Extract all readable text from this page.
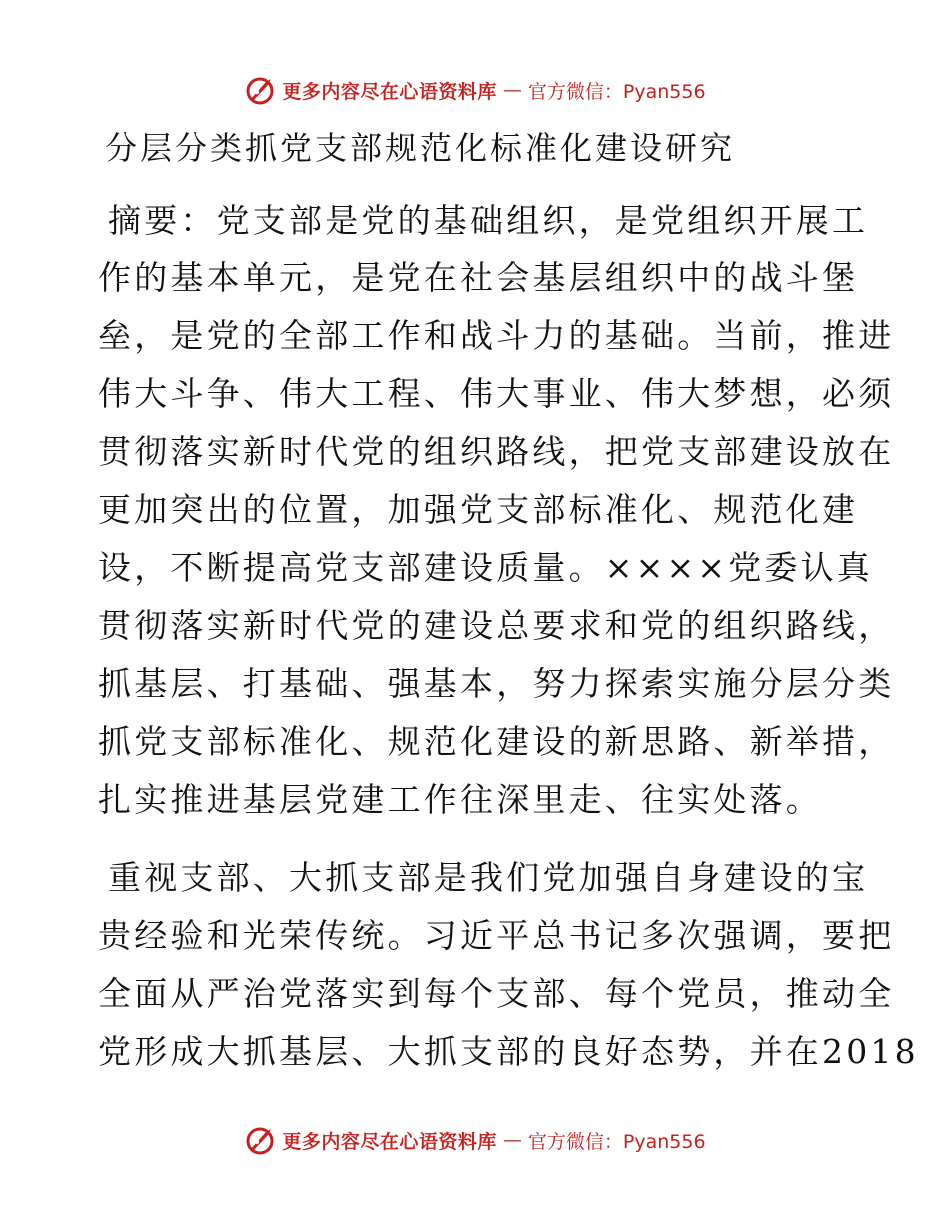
更多内容尽在心语资料库 — 官方微信：Pyan556
分层分类抓党支部规范化标准化建设研究
摘要：党支部是党的基础组织，是党组织开展工
作的基本单元，是党在社会基层组织中的战斗堡
垒，是党的全部工作和战斗力的基础。当前，推进
伟大斗争、伟大工程、伟大事业、伟大梦想，必须
贯彻落实新时代党的组织路线，把党支部建设放在
更加突出的位置，加强党支部标准化、规范化建
设，不断提高党支部建设质量。××××党委认真
贯彻落实新时代党的建设总要求和党的组织路线，
抓基层、打基础、强基本，努力探索实施分层分类
抓党支部标准化、规范化建设的新思路、新举措，
扎实推进基层党建工作往深里走、往实处落。
重视支部、大抓支部是我们党加强自身建设的宝
贵经验和光荣传统。习近平总书记多次强调，要把
全面从严治党落实到每个支部、每个党员，推动全
党形成大抓基层、大抓支部的良好态势，并在2018
更多内容尽在心语资料库 — 官方微信：Pyan556
